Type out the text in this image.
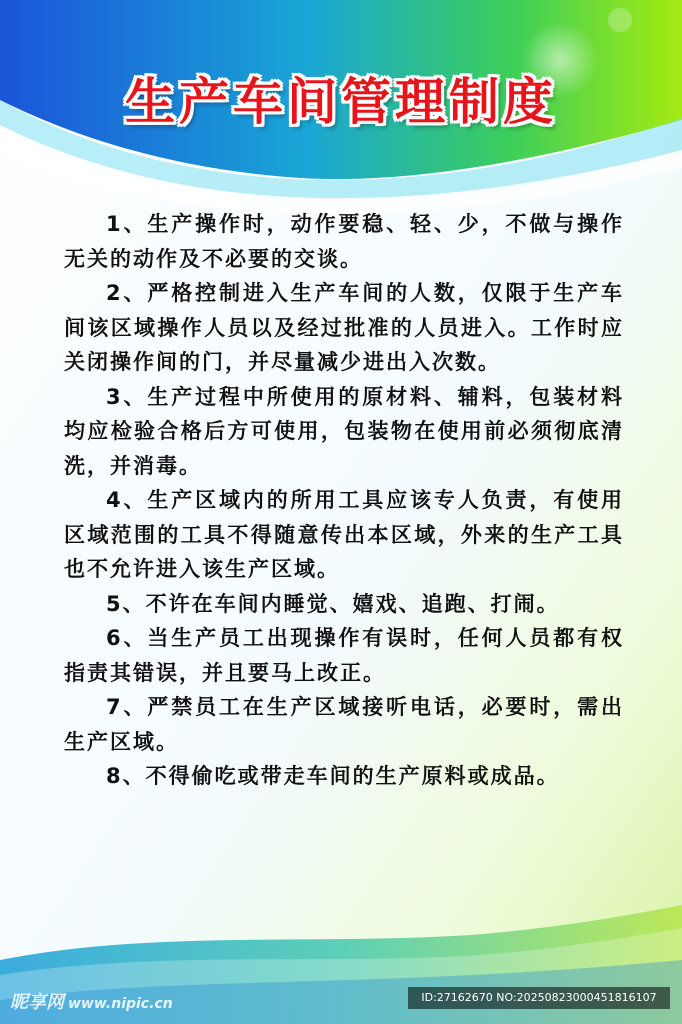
生产车间管理制度
1、生产操作时，动作要稳、轻、少，不做与操作无关的动作及不必要的交谈。
2、严格控制进入生产车间的人数，仅限于生产车间该区域操作人员以及经过批准的人员进入。工作时应关闭操作间的门，并尽量减少进出入次数。
3、生产过程中所使用的原材料、辅料，包装材料均应检验合格后方可使用，包装物在使用前必须彻底清洗，并消毒。
4、生产区域内的所用工具应该专人负责，有使用区域范围的工具不得随意传出本区域，外来的生产工具也不允许进入该生产区域。
5、不许在车间内睡觉、嬉戏、追跑、打闹。
6、当生产员工出现操作有误时，任何人员都有权指责其错误，并且要马上改正。
7、严禁员工在生产区域接听电话，必要时，需出生产区域。
8、不得偷吃或带走车间的生产原料或成品。
昵享网 www.nipic.cn	ID:27162670 NO:20250823000451816107
